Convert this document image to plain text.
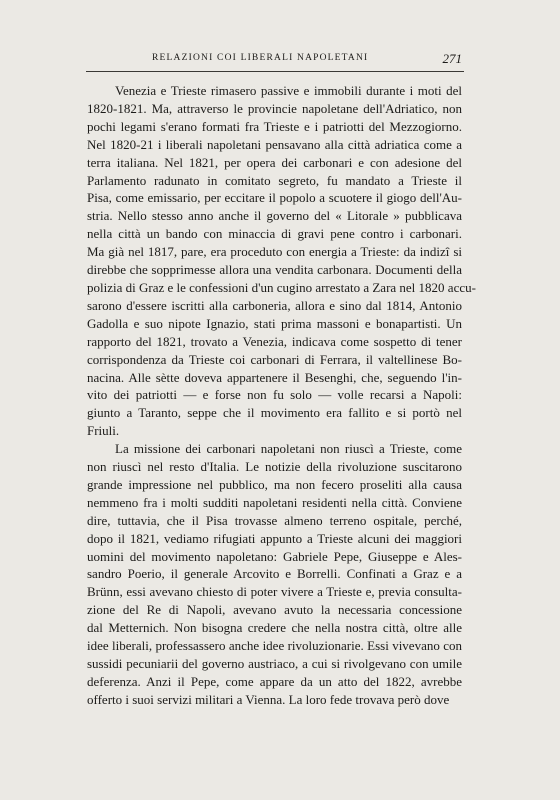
RELAZIONI COI LIBERALI NAPOLETANI	271

Venezia e Trieste rimasero passive e immobili durante i moti del
1820-1821. Ma, attraverso le provincie napoletane dell'Adriatico, non
pochi legami s'erano formati fra Trieste e i patriotti del Mezzogiorno.
Nel 1820-21 i liberali napoletani pensavano alla città adriatica come a
terra italiana. Nel 1821, per opera dei carbonari e con adesione del
Parlamento radunato in comitato segreto, fu mandato a Trieste il
Pisa, come emissario, per eccitare il popolo a scuotere il giogo dell'Au-
stria. Nello stesso anno anche il governo del « Litorale » pubblicava
nella città un bando con minaccia di gravi pene contro i carbonari.
Ma già nel 1817, pare, era proceduto con energia a Trieste: da indizî si
direbbe che sopprimesse allora una vendita carbonara. Documenti della
polizia di Graz e le confessioni d'un cugino arrestato a Zara nel 1820 accu-
sarono d'essere iscritti alla carboneria, allora e sino dal 1814, Antonio
Gadolla e suo nipote Ignazio, stati prima massoni e bonapartisti. Un
rapporto del 1821, trovato a Venezia, indicava come sospetto di tener
corrispondenza da Trieste coi carbonari di Ferrara, il valtellinese Bo-
nacina. Alle sètte doveva appartenere il Besenghi, che, seguendo l'in-
vito dei patriotti — e forse non fu solo — volle recarsi a Napoli:
giunto a Taranto, seppe che il movimento era fallito e si portò nel
Friuli.

La missione dei carbonari napoletani non riuscì a Trieste, come
non riuscì nel resto d'Italia. Le notizie della rivoluzione suscitarono
grande impressione nel pubblico, ma non fecero proseliti alla causa
nemmeno fra i molti sudditi napoletani residenti nella città. Conviene
dire, tuttavia, che il Pisa trovasse almeno terreno ospitale, perché,
dopo il 1821, vediamo rifugiati appunto a Trieste alcuni dei maggiori
uomini del movimento napoletano: Gabriele Pepe, Giuseppe e Ales-
sandro Poerio, il generale Arcovito e Borrelli. Confinati a Graz e a
Brünn, essi avevano chiesto di poter vivere a Trieste e, previa consulta-
zione del Re di Napoli, avevano avuto la necessaria concessione
dal Metternich. Non bisogna credere che nella nostra città, oltre alle
idee liberali, professassero anche idee rivoluzionarie. Essi vivevano con
sussidi pecuniarii del governo austriaco, a cui si rivolgevano con umile
deferenza. Anzi il Pepe, come appare da un atto del 1822, avrebbe
offerto i suoi servizi militari a Vienna. La loro fede trovava però dove
